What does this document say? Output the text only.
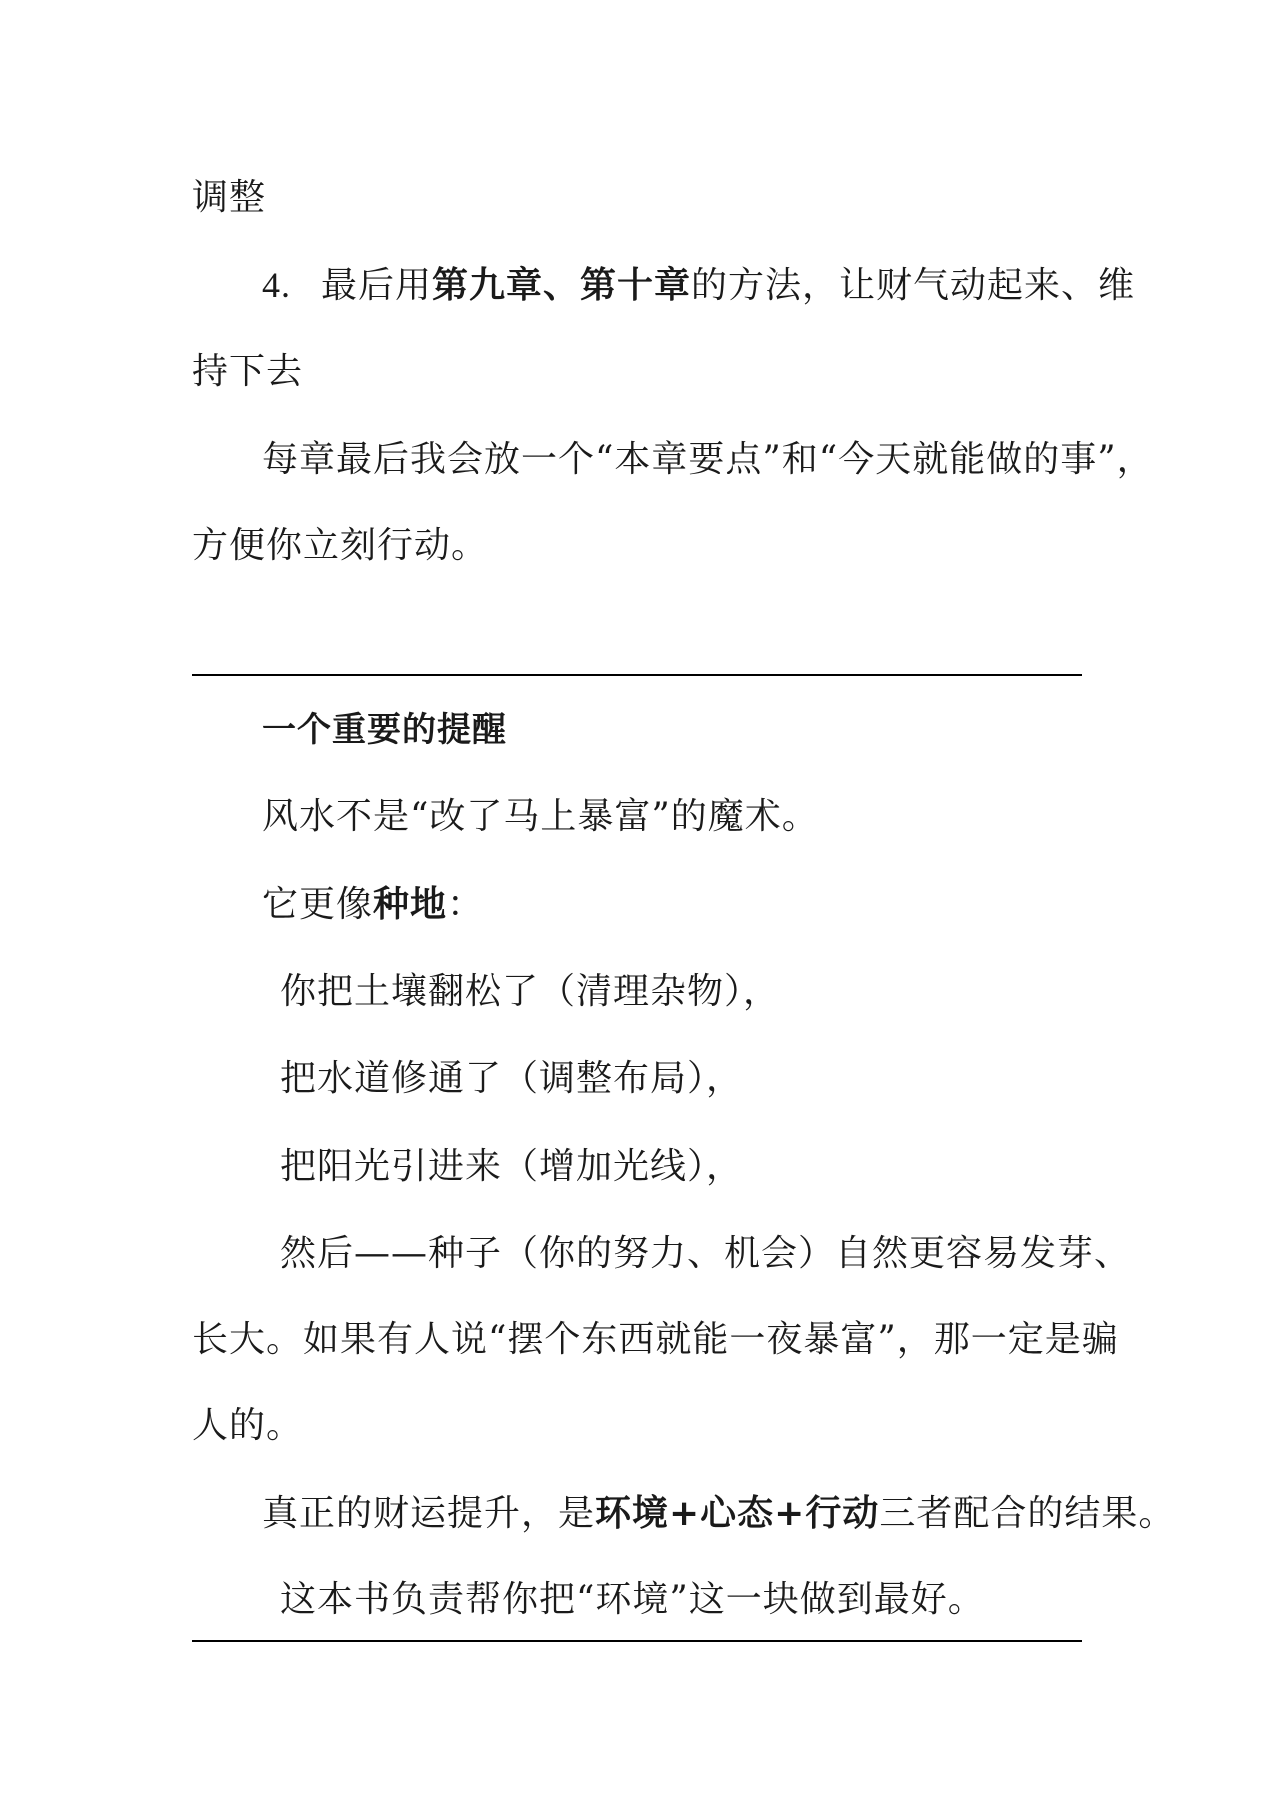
调整
4. 最后用第九章、第十章的方法，让财气动起来、维
持下去
每章最后我会放一个“本章要点”和“今天就能做的事”，
方便你立刻行动。
一个重要的提醒
风水不是“改了马上暴富”的魔术。
它更像种地：
你把土壤翻松了（清理杂物），
把水道修通了（调整布局），
把阳光引进来（增加光线），
然后——种子（你的努力、机会）自然更容易发芽、
长大。如果有人说“摆个东西就能一夜暴富”，那一定是骗
人的。
真正的财运提升，是环境+心态+行动三者配合的结果。
这本书负责帮你把“环境”这一块做到最好。
